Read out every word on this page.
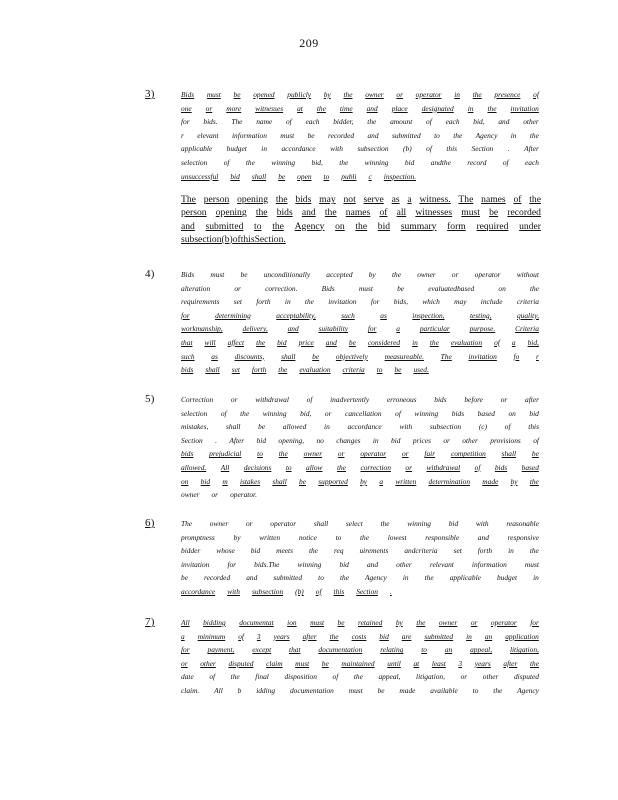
209
3)	Bids must be opened publicly by the owner or operator in the presence of
one or more witnesses at the time and place designated in the invitation
for bids. The name of each bidder, the amount of each bid, and other
r elevant information must be recorded and submitted to the Agency in the
applicable budget in accordance with subsection (b) of this Section . After
selection of the winning bid, the winning bid andthe record of each
unsuccessful bid shall be open to publi c inspection.
The person opening the bids may not serve as a witness. The names of the
person opening the bids and the names of all witnesses must be recorded
and submitted to the Agency on the bid summary form required under
subsection (b) of this Secti on.
4)	Bids must be unconditionally accepted by the owner or operator without
alteration	or	correction.	Bids	must	be	evaluatedbased	on	the
requirements set forth in the invitation for bids, which may include criteria
for	determining	acceptability,	such	as	inspection,	testing,	quality,
workmanship,	delivery,	and	suitability	for	a	particular	purpose.	Criteria
that will affect the bid price and be considered in the evaluation of a bid,
such as discounts, shall be objectively measureable. The invitation fo r
bids shall set forth the evaluation criteria to be used.
5)	Correction or withdrawal of inadvertently erroneous bids before or after
selection of the winning bid, or cancellation of winning bids based on bid
mistakes, shall be allowed in accordance with subsection (c) of this
Section . After bid opening, no changes in bid prices or other provisions of
bids prejudicial to the owner or operator or fair competition shall be
allowed. All decisions to allow the correction or withdrawal of bids based
on bid m istakes shall be supported by a written determination made by the
owner or operator.
6)	The owner or operator shall select the winning bid with reasonable
promptness	by	written	notice	to	the	lowest	responsible	and	responsive
bidder whose bid meets the req uirements andcriteria set forth in the
invitation for bids.The winning bid and other relevant information must
be recorded and submitted to the Agency in the applicable budget in
accordance with subsection (b) of this Section .
7)	All bidding documentat ion must be retained by the owner or operator for
a minimum of 3 years after the costs bid are submitted in an application
for payment, except that documentation relating to an appeal, litigation,
or other disputed claim must be maintained until at least 3 years after the
date of the final disposition of the appeal, litigation, or other disputed
claim. All b idding documentation must be made available to the Agency
